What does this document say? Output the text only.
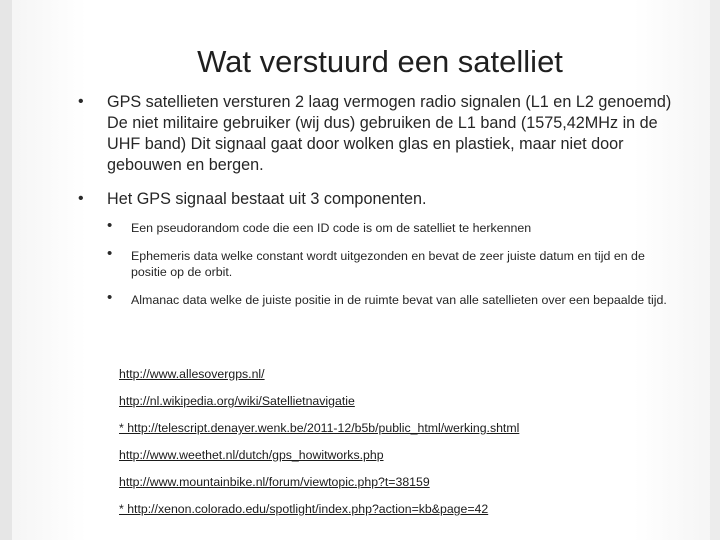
Wat verstuurd een satelliet
• GPS satellieten versturen 2 laag vermogen radio signalen (L1 en L2 genoemd) De niet militaire gebruiker (wij dus) gebruiken de L1 band (1575,42MHz in de UHF band) Dit signaal gaat door wolken glas en plastiek, maar niet door gebouwen en bergen.
• Het GPS signaal bestaat uit 3 componenten.
• Een pseudorandom code die een ID code is om de satelliet te herkennen
• Ephemeris data welke constant wordt uitgezonden en bevat de zeer juiste datum en tijd en de positie op de orbit.
• Almanac data welke de juiste positie in de ruimte bevat van alle satellieten over een bepaalde tijd.
http://www.allesovergps.nl/
http://nl.wikipedia.org/wiki/Satellietnavigatie
* http://telescript.denayer.wenk.be/2011-12/b5b/public_html/werking.shtml
http://www.weethet.nl/dutch/gps_howitworks.php
http://www.mountainbike.nl/forum/viewtopic.php?t=38159
* http://xenon.colorado.edu/spotlight/index.php?action=kb&page=42
